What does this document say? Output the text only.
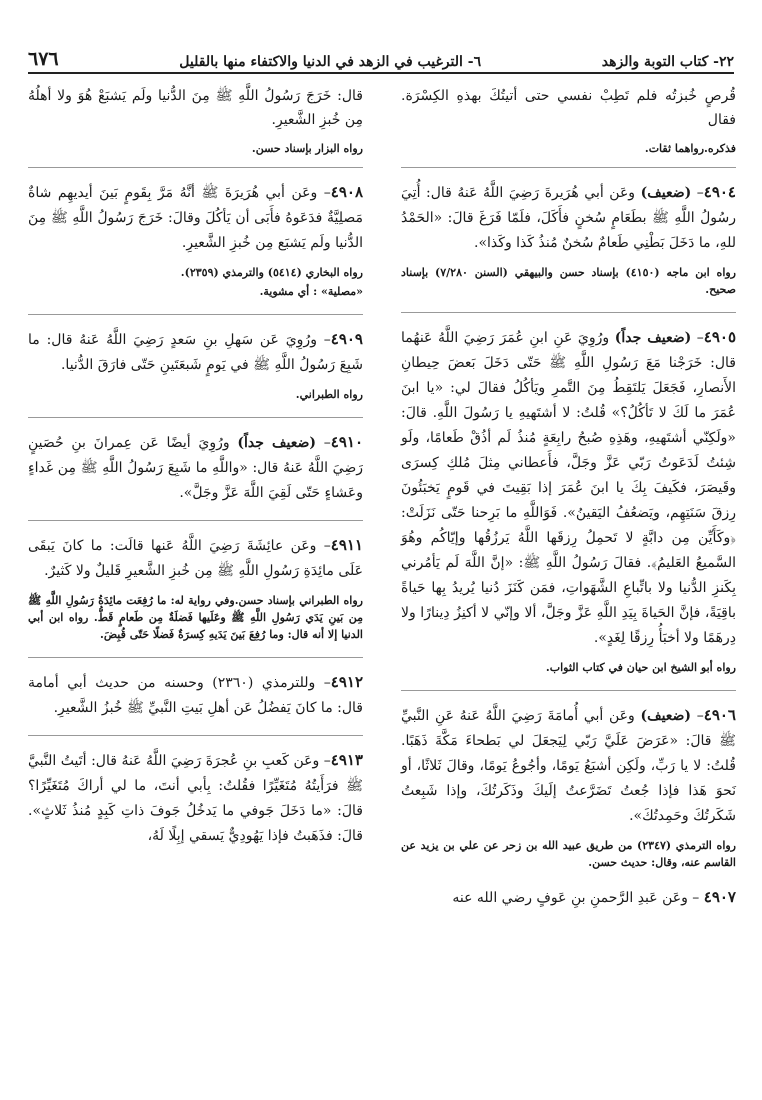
٢٢- كتاب التوبة والزهد
٦- الترغيب في الزهد في الدنيا والاكتفاء منها بالقليل
٦٧٦

قُرصٍ خُبزتُه فلم تَطِبْ نفسي حتى أتيتُكَ بهذهِ الكِسْرَة. فقال

فذكره.رواهما ثقات.

٤٩٠٤– (ضعيف) وعَن أبي هُرَيرةَ رَضِيَ اللَّهُ عَنهُ قال: أُتِيَ رسُولُ اللَّهِ ﷺ بطَعَامٍ سُخنٍ فأَكَلَ، فلَمّا فَرَغَ قالَ: «الحَمْدُ للهِ، ما دَخَلَ بَطْنِي طَعامٌ سُخنٌ مُنذُ كَذا وكَذا».

رواه ابن ماجه (٤١٥٠) بإسناد حسن والبيهقي (السنن ٧/٢٨٠) بإسناد صحيح.

٤٩٠٥– (ضعيف جداً) ورُوِيَ عَنِ ابنِ عُمَرَ رَضِيَ اللَّهُ عَنهُما قال: خَرَجْنا مَعَ رَسُولِ اللَّهِ ﷺ حَتّى دَخَلَ بَعضَ حِيطانِ الأَنصارِ، فَجَعَلَ يَلتَقِطُ مِنَ التَّمرِ ويَأكُلُ فقالَ لي: «يا ابنَ عُمَرَ ما لَكَ لا تَأكُلُ؟» قُلتُ: لا أشتَهيهِ يا رَسُولَ اللَّهِ. قالَ: «ولَكِنّي أشتَهيهِ، وهَذِهِ صُبحُ رابِعَةٍ مُنذُ لَم أذُقْ طَعامًا، ولَو شِئتُ لَدَعَوتُ رَبّي عَزَّ وجَلَّ، فأَعطاني مِثلَ مُلكِ كِسرَى وقَيصَرَ، فكَيفَ بِكَ يا ابنَ عُمَرَ إذا بَقِيتَ في قَومٍ يَخبَئُونَ رِزقَ سَنَتِهِم، ويَضعُفُ اليَقينُ». فَوَاللَّهِ ما بَرِحنا حَتّى نَزَلَتْ: ﴿وكَأَيِّن مِن دابَّةٍ لا تَحمِلُ رِزقَها اللَّهُ يَرزُقُها وإيّاكُم وهُوَ السَّميعُ العَليمُ﴾. فقالَ رَسُولُ اللَّهِ ﷺ: «إنَّ اللَّهَ لَم يَأمُرني بِكَنزِ الدُّنيا ولا باتِّباعِ الشَّهَواتِ، فمَن كَنَزَ دُنيا يُريدُ بِها حَياةً باقِيَةً، فإنَّ الحَياةَ بِيَدِ اللَّهِ عَزَّ وجَلَّ، ألا وإنّي لا أكنِزُ دِينارًا ولا دِرهَمًا ولا أخبَأُ رِزقًا لِغَدٍ».

رواه أبو الشيخ ابن حيان في كتاب الثواب.

٤٩٠٦– (ضعيف) وعَن أبي أُمامَةَ رَضِيَ اللَّهُ عَنهُ عَنِ النَّبيِّ ﷺ قالَ: «عَرَضَ عَلَيَّ رَبّي لِيَجعَلَ لي بَطحاءَ مَكَّةَ ذَهَبًا. قُلتُ: لا يا رَبِّ، ولَكِن أشبَعُ يَومًا، وأجُوعُ يَومًا، وقالَ ثَلاثًا، أو نَحوَ هَذا فإذا جُعتُ تَضَرَّعتُ إلَيكَ وذَكَرتُكَ، وإذا شَبِعتُ شَكَرتُكَ وحَمِدتُكَ».

رواه الترمذي (٢٣٤٧) من طريق عبيد الله بن زحر عن علي بن يزيد عن القاسم عنه، وقال: حديث حسن.

٤٩٠٧ – وعَن عَبدِ الرَّحمنِ بنِ عَوفٍ رضي الله عنه

قال: خَرَجَ رَسُولُ اللَّهِ ﷺ مِنَ الدُّنيا ولَم يَشبَعْ هُوَ ولا أهلُهُ مِن خُبزِ الشَّعيرِ.

رواه البزار بإسناد حسن.

٤٩٠٨– وعَن أبي هُرَيرَةَ ﷺ أنَّهُ مَرَّ بِقَومٍ بَينَ أيديهِم شاةٌ مَصلِيَّةٌ فدَعَوهُ فأَبَى أن يَأكُلَ وقالَ: خَرَجَ رَسُولُ اللَّهِ ﷺ مِنَ الدُّنيا ولَم يَشبَع مِن خُبزِ الشَّعيرِ.

رواه البخاري (٥٤١٤) والترمذي (٢٣٥٩).

«مصلية» : أي مشوية.

٤٩٠٩– ورُوِيَ عَن سَهلِ بنِ سَعدٍ رَضِيَ اللَّهُ عَنهُ قال: ما شَبِعَ رَسُولُ اللَّهِ ﷺ في يَومٍ شَبعَتَينِ حَتّى فارَقَ الدُّنيا.

رواه الطبراني.

٤٩١٠– (ضعيف جداً) ورُوِيَ أيضًا عَن عِمرانَ بنِ حُصَينٍ رَضِيَ اللَّهُ عَنهُ قال: «واللَّهِ ما شَبِعَ رَسُولُ اللَّهِ ﷺ مِن غَداءٍ وعَشاءٍ حَتّى لَقِيَ اللَّهَ عَزَّ وجَلَّ».

٤٩١١– وعَن عائِشَةَ رَضِيَ اللَّهُ عَنها قالَت: ما كانَ يَبقَى عَلَى مائِدَةِ رَسُولِ اللَّهِ ﷺ مِن خُبزِ الشَّعيرِ قَليلٌ ولا كَثيرٌ.

رواه الطبراني بإسناد حسن.وفي رواية له: ما رُفِعَت مائِدَةُ رَسُولِ اللَّهِ ﷺ مِن بَينِ يَدَي رَسُولِ اللَّهِ ﷺ وعَلَيها فَضلَةٌ مِن طَعامٍ قَطُّ. رواه ابن أبي الدنيا إلا أنه قال: وما رُفِعَ بَينَ يَدَيهِ كِسرَةٌ فَضلًا حَتّى قُبِضَ.

٤٩١٢– وللترمذي (٢٣٦٠) وحسنه من حديث أبي أمامة قال: ما كانَ يَفضُلُ عَن أهلِ بَيتِ النَّبيِّ ﷺ خُبزُ الشَّعيرِ.

٤٩١٣– وعَن كَعبِ بنِ عُجرَةَ رَضِيَ اللَّهُ عَنهُ قال: أتَيتُ النَّبيَّ ﷺ فرَأَيتُهُ مُتَغَيِّرًا فقُلتُ: بِأبي أنتَ، ما لي أراكَ مُتَغَيِّرًا؟ قالَ: «ما دَخَلَ جَوفي ما يَدخُلُ جَوفَ ذاتِ كَبِدٍ مُنذُ ثَلاثٍ». قالَ: فذَهَبتُ فإذا يَهُودِيٌّ يَسقي إبِلًا لَهُ،
